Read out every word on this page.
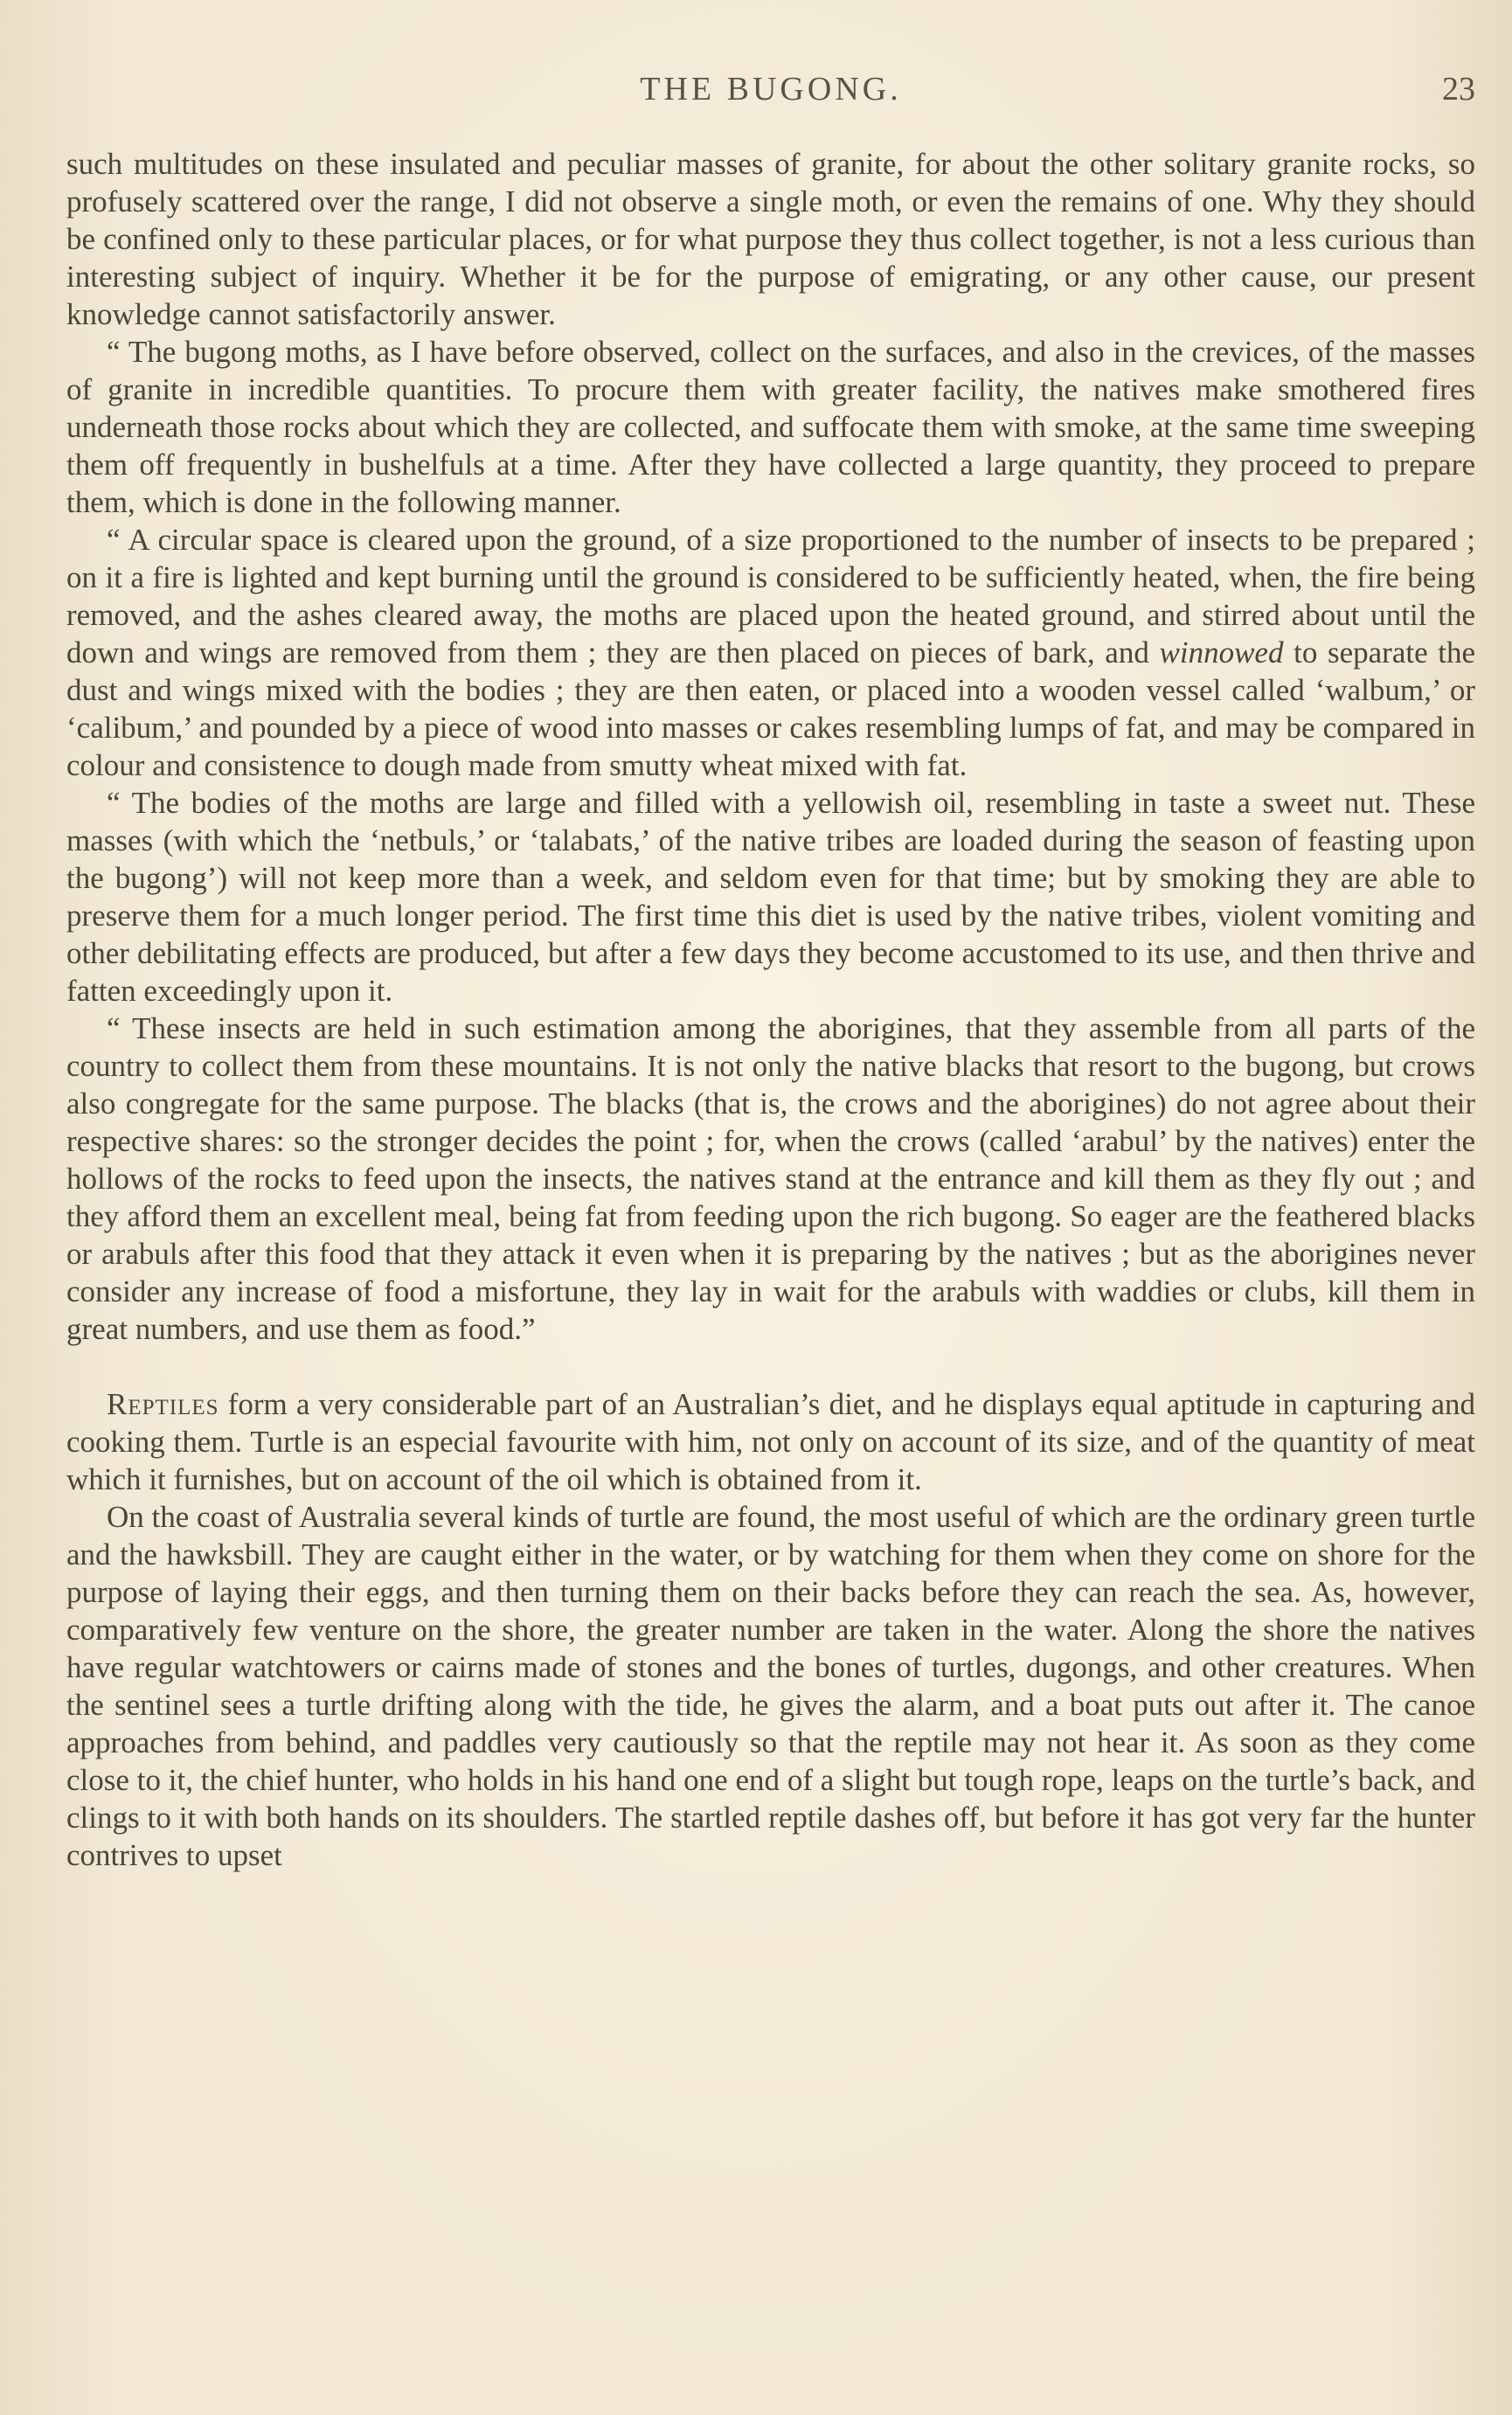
THE BUGONG.	23

such multitudes on these insulated and peculiar masses of granite, for about the other solitary granite rocks, so profusely scattered over the range, I did not observe a single moth, or even the remains of one. Why they should be confined only to these particular places, or for what purpose they thus collect together, is not a less curious than interesting subject of inquiry. Whether it be for the purpose of emigrating, or any other cause, our present knowledge cannot satisfactorily answer.

“ The bugong moths, as I have before observed, collect on the surfaces, and also in the crevices, of the masses of granite in incredible quantities. To procure them with greater facility, the natives make smothered fires underneath those rocks about which they are collected, and suffocate them with smoke, at the same time sweeping them off frequently in bushelfuls at a time. After they have collected a large quantity, they proceed to prepare them, which is done in the following manner.

“ A circular space is cleared upon the ground, of a size proportioned to the number of insects to be prepared ; on it a fire is lighted and kept burning until the ground is considered to be sufficiently heated, when, the fire being removed, and the ashes cleared away, the moths are placed upon the heated ground, and stirred about until the down and wings are removed from them ; they are then placed on pieces of bark, and winnowed to separate the dust and wings mixed with the bodies ; they are then eaten, or placed into a wooden vessel called ‘walbum,’ or ‘calibum,’ and pounded by a piece of wood into masses or cakes resembling lumps of fat, and may be compared in colour and consistence to dough made from smutty wheat mixed with fat.

“ The bodies of the moths are large and filled with a yellowish oil, resembling in taste a sweet nut. These masses (with which the ‘netbuls,’ or ‘talabats,’ of the native tribes are loaded during the season of feasting upon the bugong’) will not keep more than a week, and seldom even for that time; but by smoking they are able to preserve them for a much longer period. The first time this diet is used by the native tribes, violent vomiting and other debilitating effects are produced, but after a few days they become accustomed to its use, and then thrive and fatten exceedingly upon it.

“ These insects are held in such estimation among the aborigines, that they assemble from all parts of the country to collect them from these mountains. It is not only the native blacks that resort to the bugong, but crows also congregate for the same purpose. The blacks (that is, the crows and the aborigines) do not agree about their respective shares: so the stronger decides the point ; for, when the crows (called ‘arabul’ by the natives) enter the hollows of the rocks to feed upon the insects, the natives stand at the entrance and kill them as they fly out ; and they afford them an excellent meal, being fat from feeding upon the rich bugong. So eager are the feathered blacks or arabuls after this food that they attack it even when it is preparing by the natives ; but as the aborigines never consider any increase of food a misfortune, they lay in wait for the arabuls with waddies or clubs, kill them in great numbers, and use them as food.”

Reptiles form a very considerable part of an Australian’s diet, and he displays equal aptitude in capturing and cooking them. Turtle is an especial favourite with him, not only on account of its size, and of the quantity of meat which it furnishes, but on account of the oil which is obtained from it.

On the coast of Australia several kinds of turtle are found, the most useful of which are the ordinary green turtle and the hawksbill. They are caught either in the water, or by watching for them when they come on shore for the purpose of laying their eggs, and then turning them on their backs before they can reach the sea. As, however, comparatively few venture on the shore, the greater number are taken in the water. Along the shore the natives have regular watchtowers or cairns made of stones and the bones of turtles, dugongs, and other creatures. When the sentinel sees a turtle drifting along with the tide, he gives the alarm, and a boat puts out after it. The canoe approaches from behind, and paddles very cautiously so that the reptile may not hear it. As soon as they come close to it, the chief hunter, who holds in his hand one end of a slight but tough rope, leaps on the turtle’s back, and clings to it with both hands on its shoulders. The startled reptile dashes off, but before it has got very far the hunter contrives to upset
